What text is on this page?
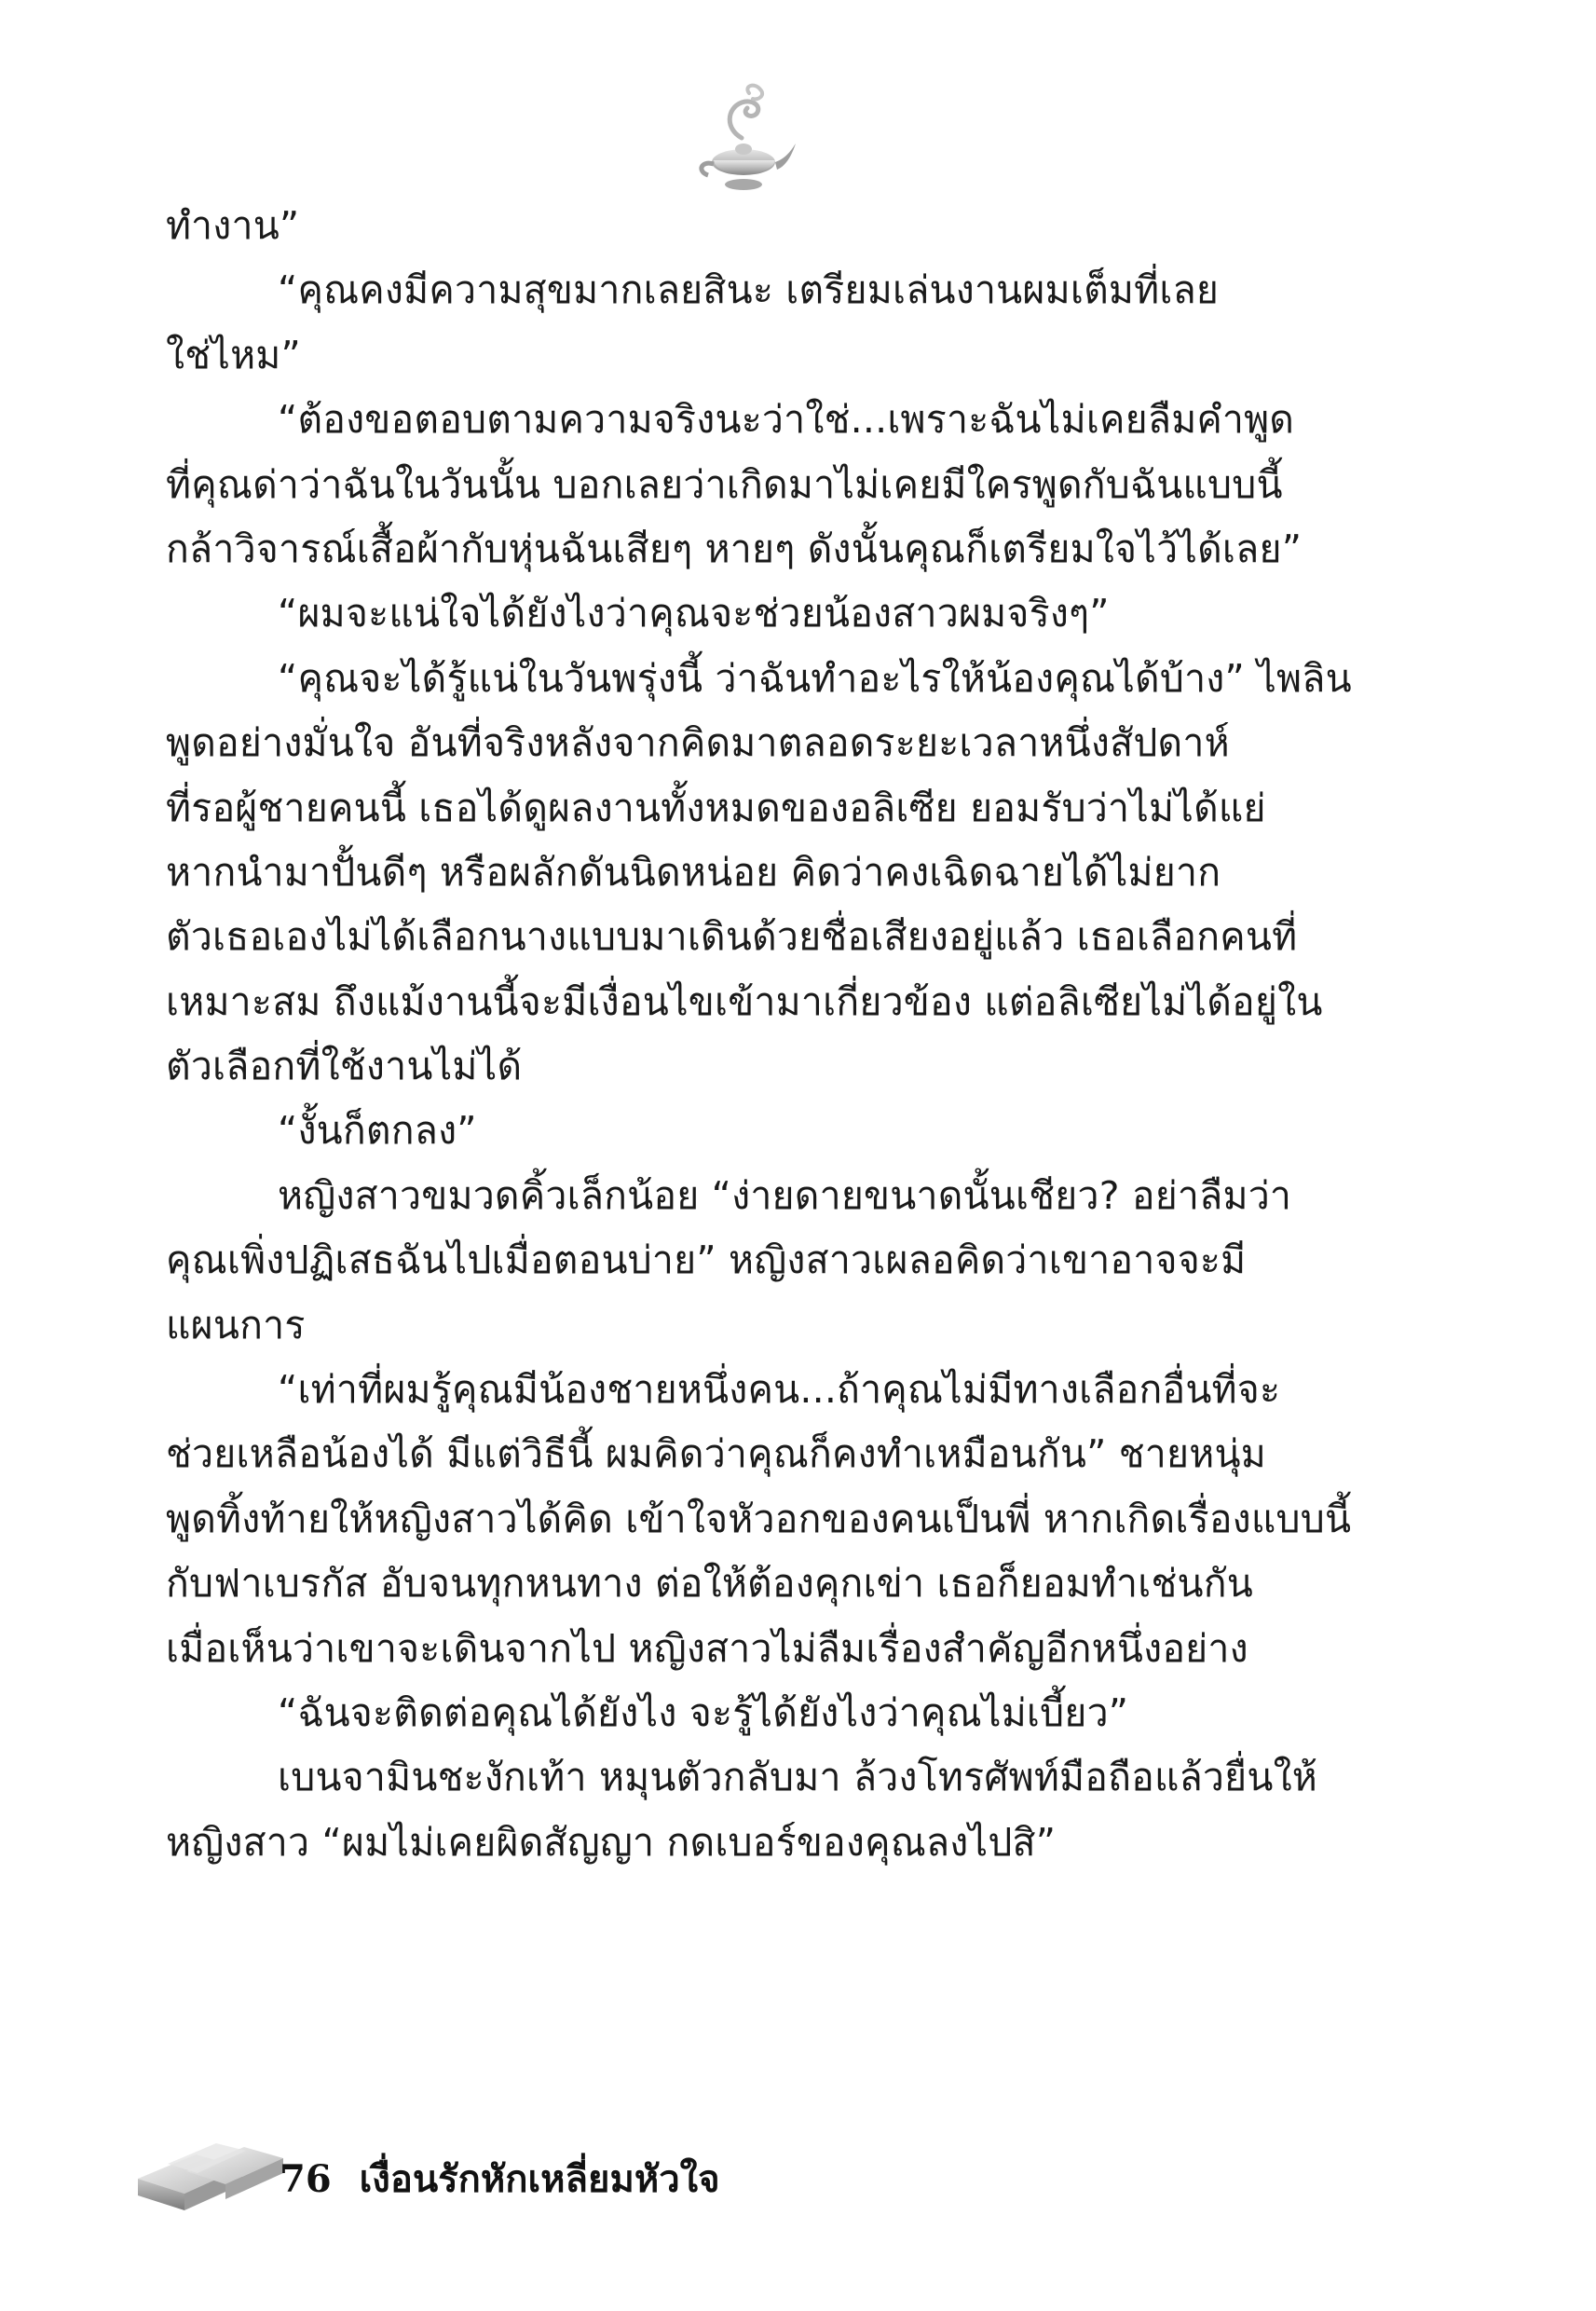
ทำงาน”
“คุณคงมีความสุขมากเลยสินะ เตรียมเล่นงานผมเต็มที่เลย
ใช่ไหม”
“ต้องขอตอบตามความจริงนะว่าใช่...เพราะฉันไม่เคยลืมคำพูด
ที่คุณด่าว่าฉันในวันนั้น บอกเลยว่าเกิดมาไม่เคยมีใครพูดกับฉันแบบนี้
กล้าวิจารณ์เสื้อผ้ากับหุ่นฉันเสียๆ หายๆ ดังนั้นคุณก็เตรียมใจไว้ได้เลย”
“ผมจะแน่ใจได้ยังไงว่าคุณจะช่วยน้องสาวผมจริงๆ”
“คุณจะได้รู้แน่ในวันพรุ่งนี้ ว่าฉันทำอะไรให้น้องคุณได้บ้าง” ไพลิน
พูดอย่างมั่นใจ อันที่จริงหลังจากคิดมาตลอดระยะเวลาหนึ่งสัปดาห์
ที่รอผู้ชายคนนี้ เธอได้ดูผลงานทั้งหมดของอลิเซีย ยอมรับว่าไม่ได้แย่
หากนำมาปั้นดีๆ หรือผลักดันนิดหน่อย คิดว่าคงเฉิดฉายได้ไม่ยาก
ตัวเธอเองไม่ได้เลือกนางแบบมาเดินด้วยชื่อเสียงอยู่แล้ว เธอเลือกคนที่
เหมาะสม ถึงแม้งานนี้จะมีเงื่อนไขเข้ามาเกี่ยวข้อง แต่อลิเซียไม่ได้อยู่ใน
ตัวเลือกที่ใช้งานไม่ได้
“งั้นก็ตกลง”
หญิงสาวขมวดคิ้วเล็กน้อย “ง่ายดายขนาดนั้นเชียว? อย่าลืมว่า
คุณเพิ่งปฏิเสธฉันไปเมื่อตอนบ่าย” หญิงสาวเผลอคิดว่าเขาอาจจะมี
แผนการ
“เท่าที่ผมรู้คุณมีน้องชายหนึ่งคน...ถ้าคุณไม่มีทางเลือกอื่นที่จะ
ช่วยเหลือน้องได้ มีแต่วิธีนี้ ผมคิดว่าคุณก็คงทำเหมือนกัน” ชายหนุ่ม
พูดทิ้งท้ายให้หญิงสาวได้คิด เข้าใจหัวอกของคนเป็นพี่ หากเกิดเรื่องแบบนี้
กับฟาเบรกัส อับจนทุกหนทาง ต่อให้ต้องคุกเข่า เธอก็ยอมทำเช่นกัน
เมื่อเห็นว่าเขาจะเดินจากไป หญิงสาวไม่ลืมเรื่องสำคัญอีกหนึ่งอย่าง
“ฉันจะติดต่อคุณได้ยังไง จะรู้ได้ยังไงว่าคุณไม่เบี้ยว”
เบนจามินชะงักเท้า หมุนตัวกลับมา ล้วงโทรศัพท์มือถือแล้วยื่นให้
หญิงสาว “ผมไม่เคยผิดสัญญา กดเบอร์ของคุณลงไปสิ”
76 เงื่อนรักหักเหลี่ยมหัวใจ
